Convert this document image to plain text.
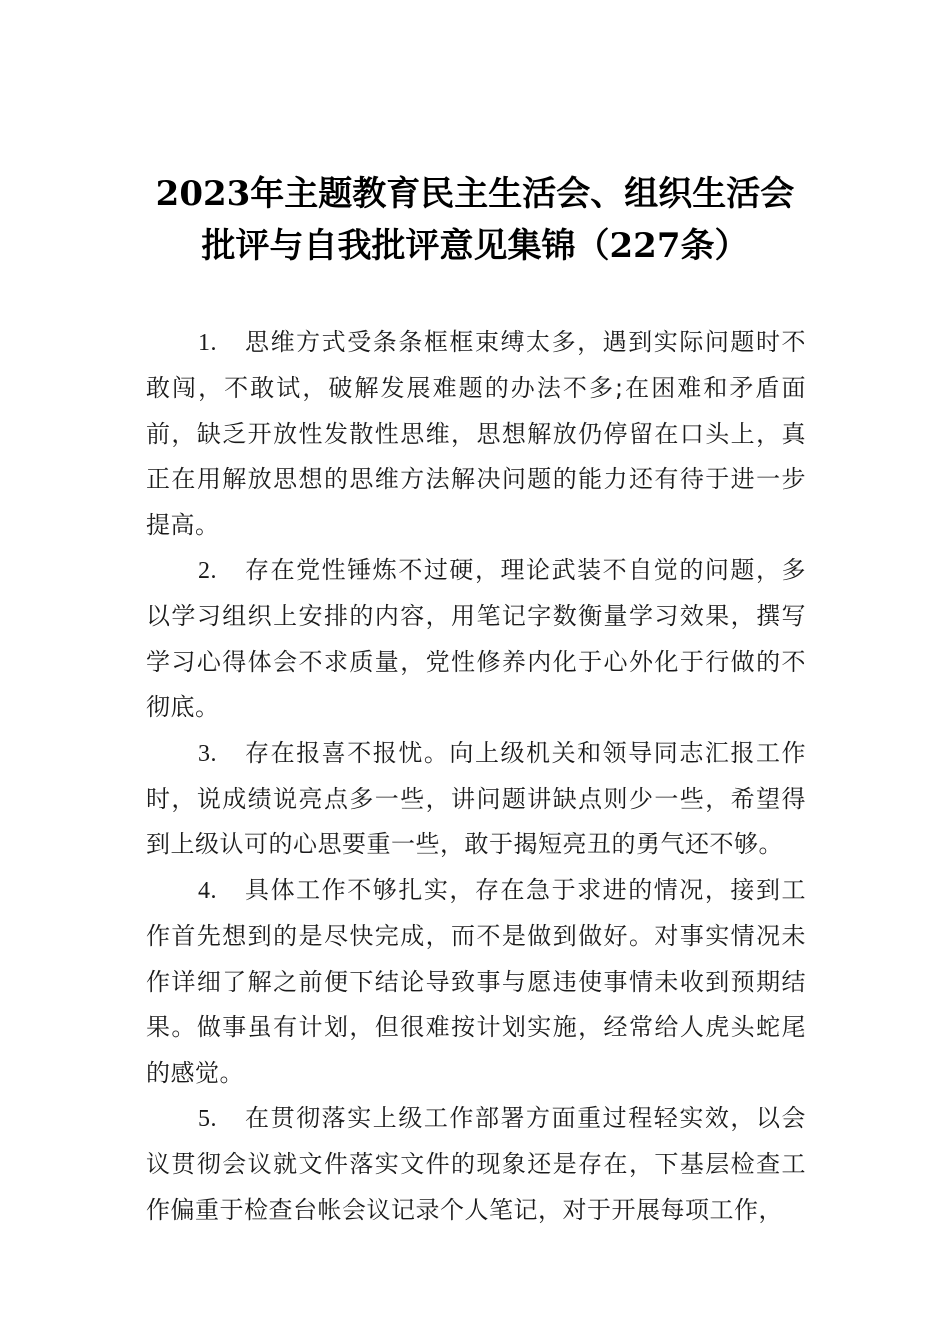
2023年主题教育民主生活会、组织生活会
批评与自我批评意见集锦（227条）

1. 思维方式受条条框框束缚太多，遇到实际问题时不敢闯，不敢试，破解发展难题的办法不多;在困难和矛盾面前，缺乏开放性发散性思维，思想解放仍停留在口头上，真正在用解放思想的思维方法解决问题的能力还有待于进一步提高。

2. 存在党性锤炼不过硬，理论武装不自觉的问题，多以学习组织上安排的内容，用笔记字数衡量学习效果，撰写学习心得体会不求质量，党性修养内化于心外化于行做的不彻底。

3. 存在报喜不报忧。向上级机关和领导同志汇报工作时，说成绩说亮点多一些，讲问题讲缺点则少一些，希望得到上级认可的心思要重一些，敢于揭短亮丑的勇气还不够。

4. 具体工作不够扎实，存在急于求进的情况，接到工作首先想到的是尽快完成，而不是做到做好。对事实情况未作详细了解之前便下结论导致事与愿违使事情未收到预期结果。做事虽有计划，但很难按计划实施，经常给人虎头蛇尾的感觉。

5. 在贯彻落实上级工作部署方面重过程轻实效，以会议贯彻会议就文件落实文件的现象还是存在，下基层检查工作偏重于检查台帐会议记录个人笔记，对于开展每项工作，
